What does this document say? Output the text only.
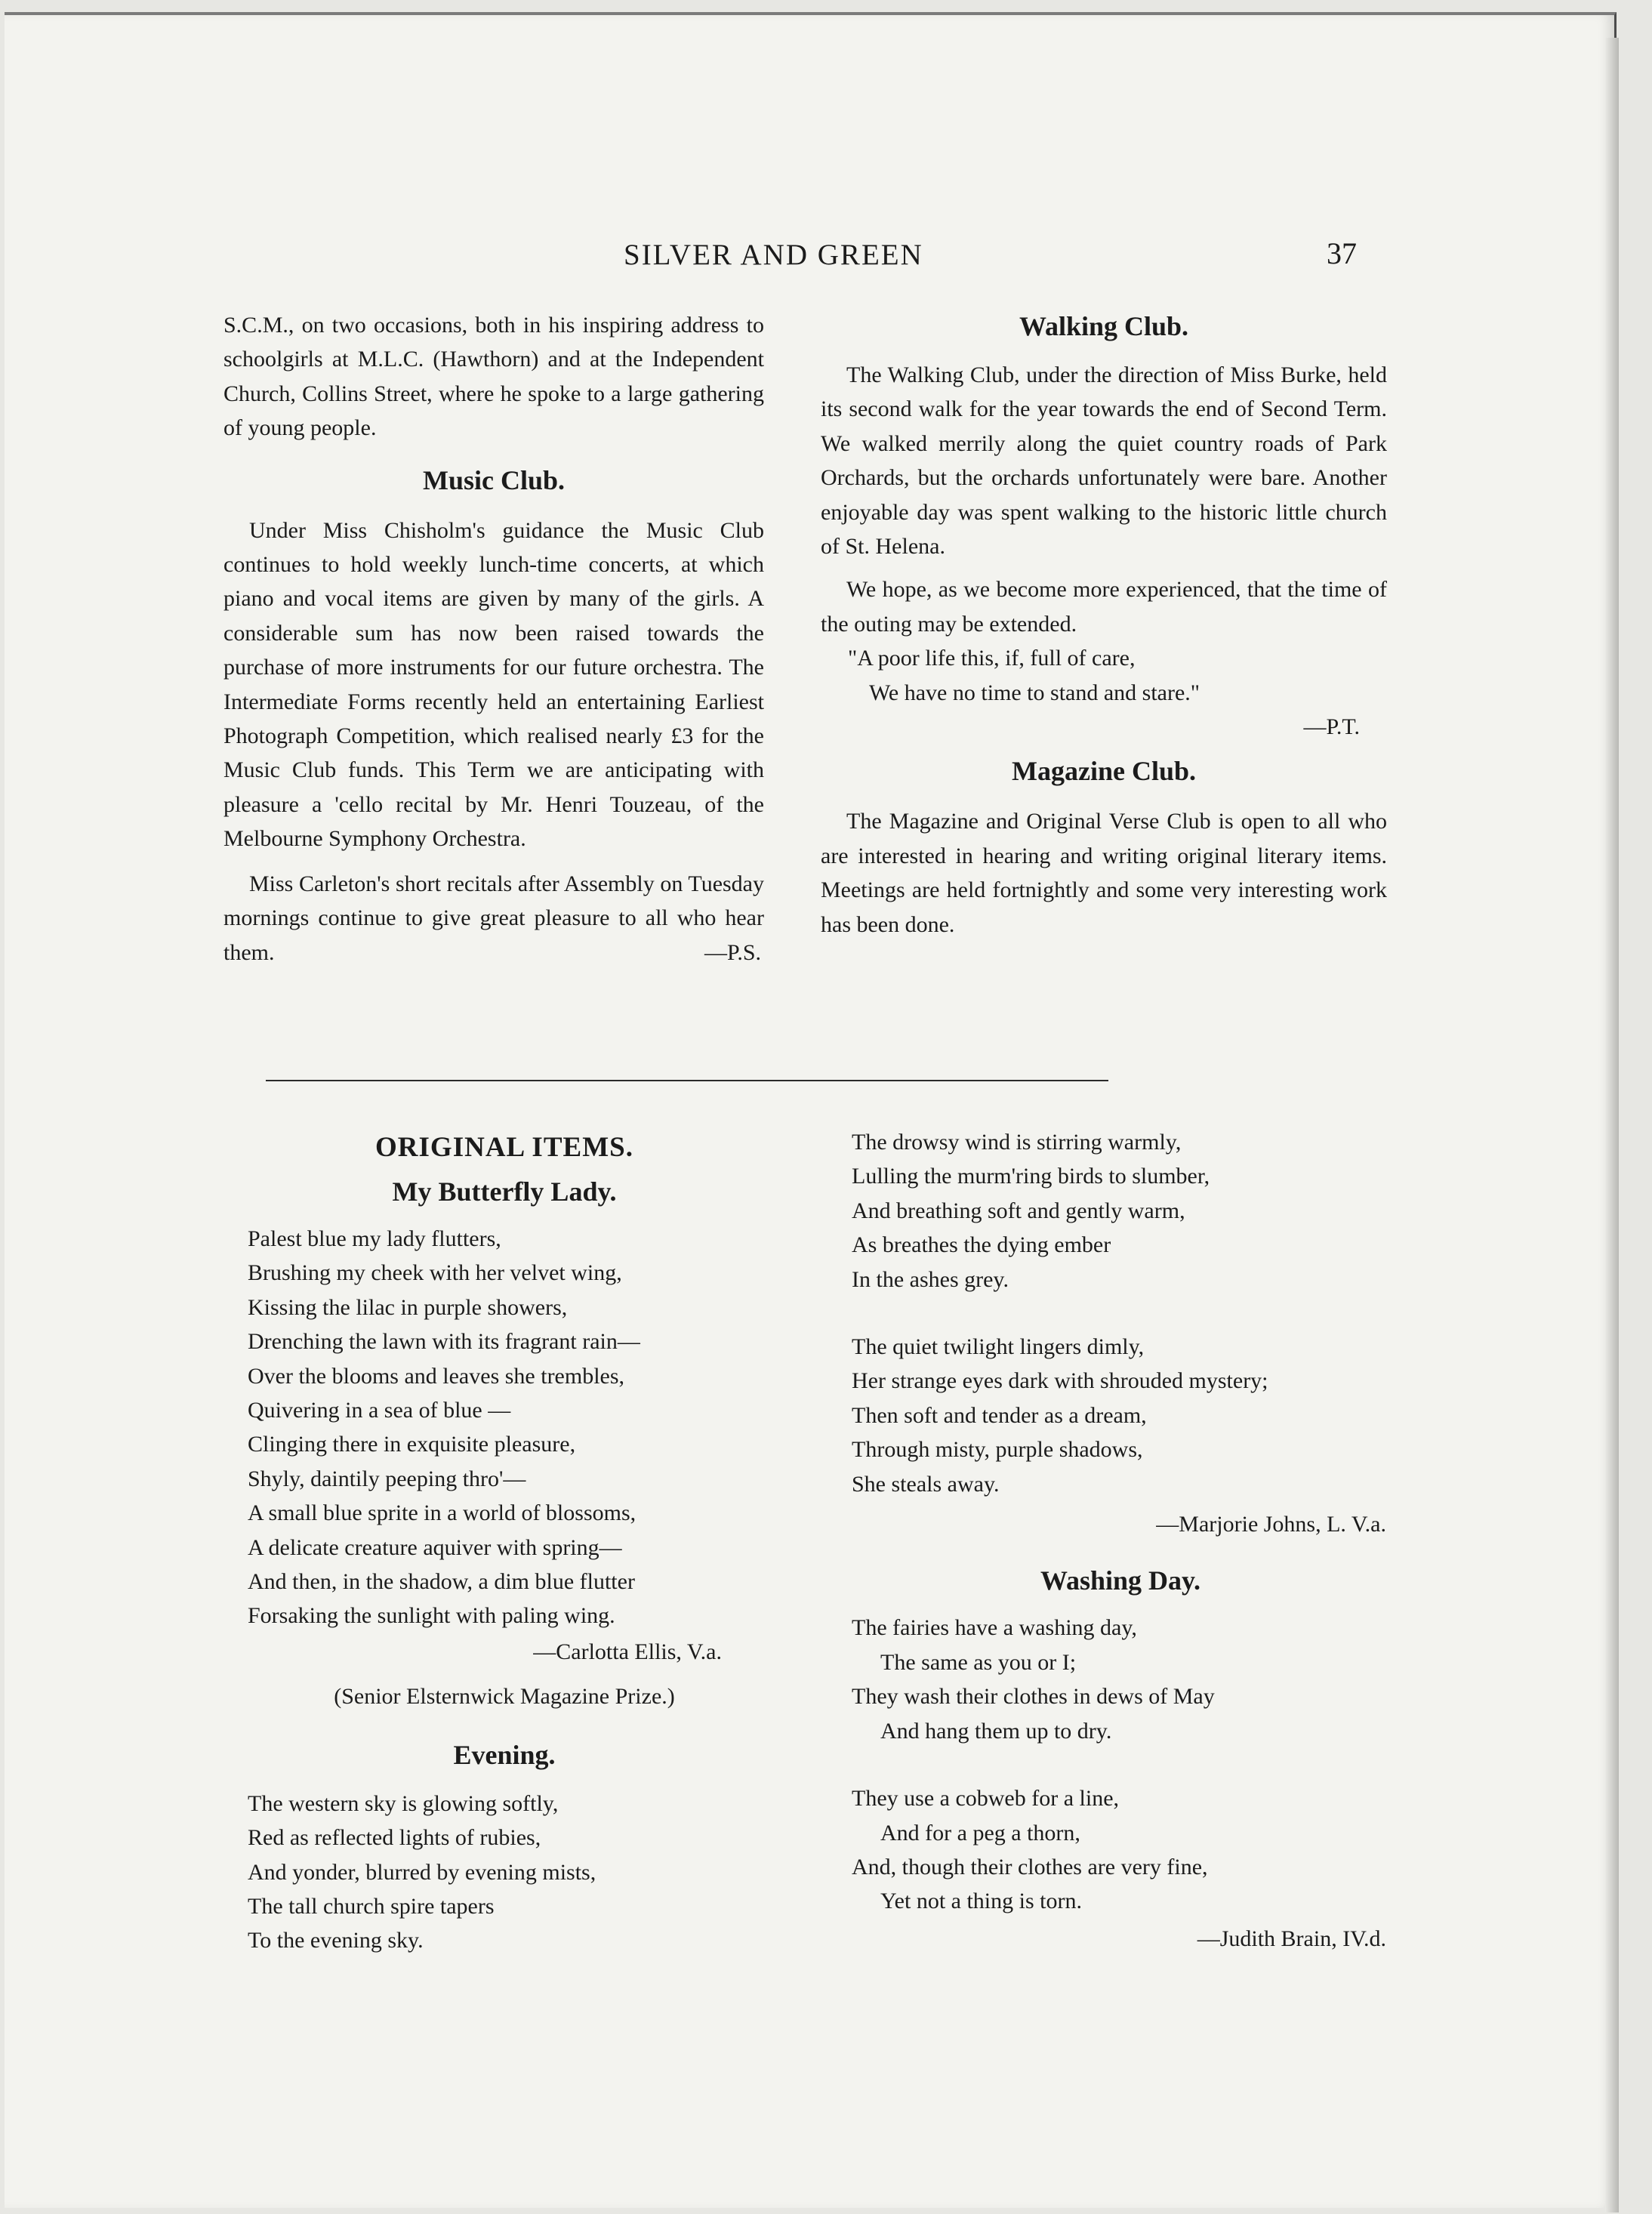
SILVER AND GREEN	37

S.C.M., on two occasions, both in his inspiring address to schoolgirls at M.L.C. (Hawthorn) and at the Independent Church, Collins Street, where he spoke to a large gathering of young people.

Music Club.

Under Miss Chisholm's guidance the Music Club continues to hold weekly lunch-time concerts, at which piano and vocal items are given by many of the girls. A considerable sum has now been raised towards the purchase of more instruments for our future orchestra. The Intermediate Forms recently held an entertaining Earliest Photograph Competition, which realised nearly £3 for the Music Club funds. This Term we are anticipating with pleasure a 'cello recital by Mr. Henri Touzeau, of the Melbourne Symphony Orchestra.

Miss Carleton's short recitals after Assembly on Tuesday mornings continue to give great pleasure to all who hear them.	—P.S.
Walking Club.

The Walking Club, under the direction of Miss Burke, held its second walk for the year towards the end of Second Term. We walked merrily along the quiet country roads of Park Orchards, but the orchards unfortunately were bare. Another enjoyable day was spent walking to the historic little church of St. Helena.

We hope, as we become more experienced, that the time of the outing may be extended.

"A poor life this, if, full of care,
We have no time to stand and stare."
—P.T.
Magazine Club.

The Magazine and Original Verse Club is open to all who are interested in hearing and writing original literary items. Meetings are held fortnightly and some very interesting work has been done.

ORIGINAL ITEMS.
My Butterfly Lady.
Palest blue my lady flutters,
Brushing my cheek with her velvet wing,
Kissing the lilac in purple showers,
Drenching the lawn with its fragrant rain—
Over the blooms and leaves she trembles,
Quivering in a sea of blue —
Clinging there in exquisite pleasure,
Shyly, daintily peeping thro'—
A small blue sprite in a world of blossoms,
A delicate creature aquiver with spring—
And then, in the shadow, a dim blue flutter
Forsaking the sunlight with paling wing.
—Carlotta Ellis, V.a.
(Senior Elsternwick Magazine Prize.)
Evening.
The western sky is glowing softly,
Red as reflected lights of rubies,
And yonder, blurred by evening mists,
The tall church spire tapers
To the evening sky.
The drowsy wind is stirring warmly,
Lulling the murm'ring birds to slumber,
And breathing soft and gently warm,
As breathes the dying ember
In the ashes grey.
The quiet twilight lingers dimly,
Her strange eyes dark with shrouded mystery;
Then soft and tender as a dream,
Through misty, purple shadows,
She steals away.
—Marjorie Johns, L. V.a.
Washing Day.
The fairies have a washing day,
The same as you or I;
They wash their clothes in dews of May
And hang them up to dry.
They use a cobweb for a line,
And for a peg a thorn,
And, though their clothes are very fine,
Yet not a thing is torn.
—Judith Brain, IV.d.
